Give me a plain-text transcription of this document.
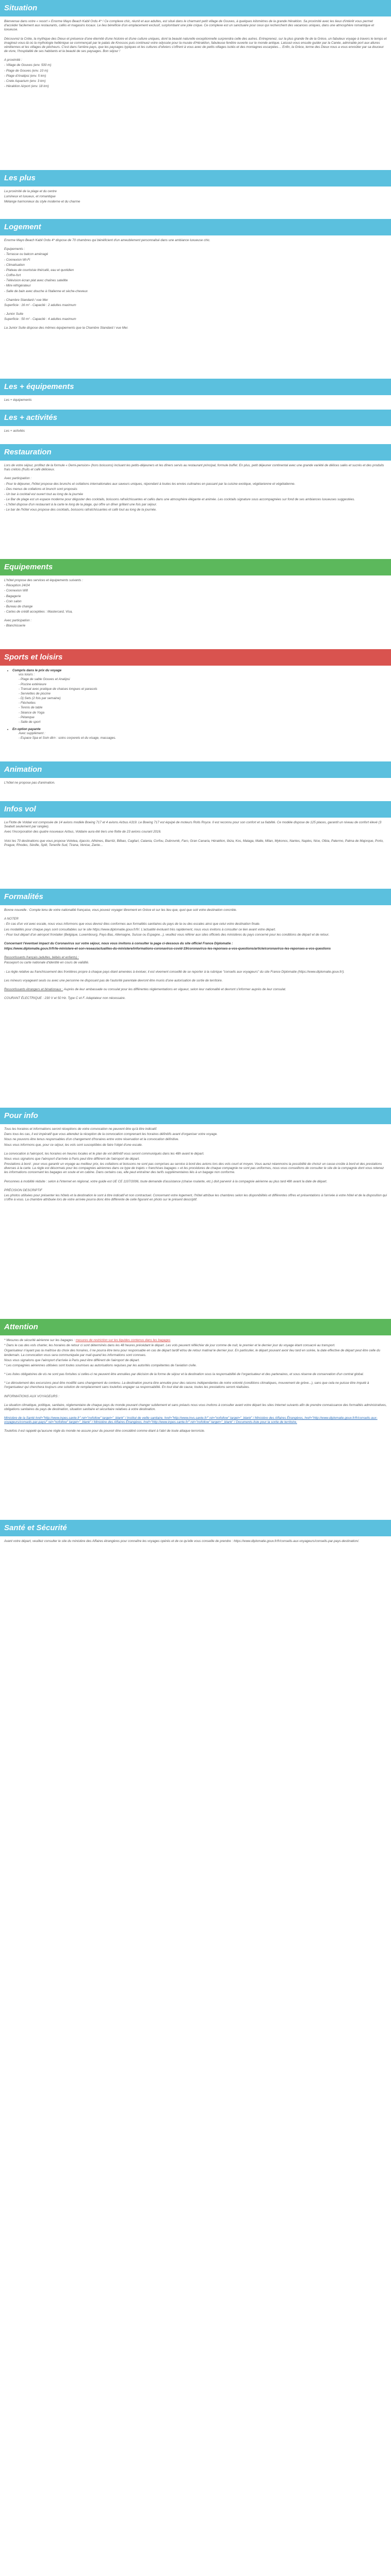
Situation

Bienvenue dans votre « resort » Enorme Mayo Beach Kabil Ordu 4* ! Ce complexe chic, réunit et aux adultes, est situé dans le charmant petit village de Gouves, à quelques kilomètres de la grande Héraklion. Sa proximité avec les lieux d'intérêt vous permet d'accéder facilement aux restaurants, cafés et magasins locaux. Le lieu bénéficie d'un emplacement exclusif, surplombant une jolie crique. Ce complexe est un sanctuaire pour ceux qui recherchent des vacances uniques, dans une atmosphère romantique et luxueuse.

Découvrez la Crète, la mythique des Dieux et présence d'une éternité d'une histoire et d'une culture uniques, dont la beauté naturelle exceptionnelle surprendra celle des autres. Entreprenez, sur la plus grande île de la Grèce, un fabuleux voyage à travers le temps et imaginez-vous-là où la mythologie hellénique se commençait par le palais de Knossos puis continuez votre odyssée pour la musée d'Héraklion, fabuleuse fenêtre ouverte sur le monde antique. Laissez-vous ensuite guider par la Canée, admirable port aux allures vénitiennes et les villages de pêcheurs. C'est dans l'arrière-pays, que les paysages typiques et les cultures d'oliviers s'offrent à vous avec de petits villages isolés et des montagnes escarpées… Enfin, la Grèce, terme des Dieux nous a vous envoûter par sa douceur de vivre, l'hospitalité de ses habitants et la beauté de ses paysages. Bon séjour !

A proximité :

- Village de Gouves (env. 500 m)

- Plage de Gouves (env. 10 m)

- Plage d'Analipsi (env. 5 km)

- Crete Aquarium (env. 3 km)

- Héraklion Airport (env. 18 km)

Les plus

La proximité de la plage et du centre

Lumineux et luxueux, et romantique

Mélange harmonieux du style moderne et du charme

Logement

Enorme Mayo Beach Kabil Ordu 4* dispose de 70 chambres qui bénéficient d'un ameublement personnalisé dans une ambiance luxueuse chic.

Equipements :

- Terrasse ou balcon aménagé

- Connexion Wi-Fi

- Climatisation

- Plateau de courtoisie thé/café, eau et quotidien

- Coffre-fort

- Télévision écran plat avec chaînes satellite

- Mini-réfrigérateur

- Salle de bain avec douche à l'italienne et sèche-cheveux

- Chambre Standard / vue Mer

Superficie : 16 m² - Capacité : 2 adultes maximum

- Junior Suite

Superficie : 50 m² - Capacité : 4 adultes maximum

La Junior Suite dispose des mêmes équipements que la Chambre Standard / vue Mer.

Les + équipements

Les + équipements

Les + activités

Les + activités

Restauration

Lors de votre séjour, profitez de la formule « Demi-pension» (hors boissons) incluant les petits-déjeuners et les dîners servis au restaurant principal, formule buffet. En plus, petit déjeuner continental avec une grande variété de délices salés et sucrés et des produits frais crétois (fruits et café délicieux.

Avec participation :

- Pour le déjeuner, l'hôtel propose des brunchs et collations internationales aux saveurs uniques, répondant à toutes les envies culinaires en passant par la cuisine exotique, végétarienne et végétalienne.

- Des menus de collations et brunch sont proposés

- Un bar à cocktail est ouvert tout au long de la journée

- Le Bar de plage est un espace moderne pour déguster des cocktails, boissons rafraîchissantes et cafés dans une atmosphère élégante et animée. Les cocktails signature sous accompagnées sur fond de ses ambiances luxueuses suggestées.

- L'hôtel dispose d'un restaurant à la carte le long de la plage, qui offre un dîner grillant une fois par séjour.

- Le bar de l'hôtel vous propose des cocktails, boissons rafraîchissantes et café tout au long de la journée.

Equipements

L'hôtel propose des services et équipements suivants :

- Réception 24/24

- Connexion Wifi

- Bagagerie

- Coin salon

- Bureau de change

- Cartes de crédit acceptées : Mastercard, Visa,

Avec participation :

- Blanchisserie

Sports et loisirs
• Compris dans le prix du voyage
vos loisirs :
- Plage de sable Gouves et Analipsi
- Piscine extérieure
- Transat avec pratique de chaises longues et parasols
- Serviettes de piscine
- Dj Sets (2 fois par semaine)
- Fléchettes
- Tennis de table
- Séance de Yoga
- Pétanque
- Salle de sport
• En option payante
Avec supplément :
- Espace Spa et Soin dtrn : soins corporels et du visage, massages.
Animation

L'hôtel ne propose pas d'animation.

Infos vol

La Flotte de Voldair est composée de 14 avions modèle Boeing 717 et 4 avions Airbus A319. Le Boeing 717 est équipé de moteurs Rolls Royce. Il est reconnu pour son confort et sa fiabilité. Ce modèle dispose de 125 places, garantit un niveau de confort élevé (3 Seatwit seulement par rangée).

Avec l'incorporation des quatre nouveaux Airbus, Voldaire aura été tiers une flotte de 23 avions courant 2016.

Voici les 70 destinations que vous propose Volotea, Ajaccio, Athènes, Biarritz, Bilbao, Cagliari, Catania, Corfou, Dubrovnik, Faro, Gran Canaria, Héraklion, Ibiza, Kos, Malaga, Malte, Milan, Mykonos, Nantes, Naples, Nice, Olbia, Palermo, Palma de Majorque, Porto, Prague, Rhodes, Séville, Split, Tenerife Sud, Tirana, Venise, Zante…

Formalités

Bonne nouvelle : Compte tenu de votre nationalité française, vous pouvez voyager librement en Grèce et sur les lieu que, quoi que soit votre destination concrète.

A NOTER

- En cas d'un vol avec escale, nous vous informons que vous devrez êtes conformes aux formalités sanitaires du pays de la ou des escales ainsi que celui votre destination finale.

Les modalités pour chaque pays sont consultables sur le site https://www.diplomatie.gouv.fr/fr/. L'actualité évoluant très rapidement, nous vous invitons à consulter ce lien avant votre départ.

- Pour tout départ d'un aéroport frontalier (Belgique, Luxembourg, Pays-Bas, Allemagne, Suisse ou Espagne...), veuillez vous référer aux sites officiels des ministères du pays concerné pour les conditions de départ et de retour.

Concernant l'éventuel impact du Coronavirus sur votre séjour, nous vous invitons à consulter la page ci-dessous du site officiel France Diplomatie :

https://www.diplomatie.gouv.fr/fr/le-ministere-et-son-reseau/actualites-du-ministere/informations-coronavirus-covid-19/coronavirus-les-reponses-a-vos-questions/article/coronavirus-les-reponses-a-vos-questions

Ressortissants français (adultes, bébés et enfants) :

Passeport ou carte nationale d'identité en cours de validité.

- La règle relative au franchissement des frontières propre à chaque pays étant amenées à évoluer, il est vivement conseillé de se reporter à la rubrique "conseils aux voyageurs" du site France Diplomatie (https://www.diplomatie.gouv.fr/).

Les mineurs voyageant seuls ou avec une personne ne disposant pas de l'autorité parentale devront être munis d'une autorisation de sortie de territoire.

Ressortissants étrangers et binationaux : Auprès de leur ambassade ou consulat pour les différentes réglementations en vigueur, selon leur nationalité et devront s'informer auprès de leur consulat.

COURANT ÉLECTRIQUE : 230 V et 50 Hz. Type C et F. Adaptateur non nécessaire.

Pour info

Tous les horaires et informations seront réceptions de votre convocation ne peuvent être qu'à titre indicatif.

Dans tous les cas, il est impératif que vous attendez la réception de la convocation comprenant les horaires définitifs avant d'organiser votre voyage.

Nous ne pouvons être tenus responsables d'un changement d'horaires entre votre réservation et la convocation définitive.

Nous vous informons que, pour ce séjour, les vols sont susceptibles de faire l'objet d'une escale.

La convocation à l'aéroport, les horaires en heures locales et le plan de vol définitif vous seront communiqués dans les 48h avant le départ.

Nous vous signalons que l'aéroport d'arrivée à Paris peut être différent de l'aéroport de départ.

Prestations à bord : pour vous garantir un voyage au meilleur prix, les collations et boissons ne sont pas comprises au service à bord des avions lors des vols court et moyen. Vous aurez néanmoins la possibilité de choisir un casse-croûte à bord et des prestations diverses à la carte. La règle est désormais pour les compagnies aériennes dans ce type de trajets « franchises bagages » et les procédures de chaque compagnie ne sont pas uniformes, nous vous conseillons de consulter le site de la compagnie dont vous retenez les informations concernant les bagages en soute et en cabine. Dans certains cas, elle peut entraîner des tarifs supplémentaires liés à un bagage non conforme.

Personnes à mobilité réduite : selon à l'internet en régional, votre guide est UE CE 1107/2006, toute demande d'assistance (chaise roulante, etc.) doit parvenir à la compagnie aérienne au plus tard 48h avant la date de départ.

PRÉCISION DESCRIPTIF

Les photos utilisées pour présenter les hôtels et la destination le sont à titre indicatif et non contractuel. Concernant votre logement, l'hôtel attribue les chambres selon les disponibilités et différentes offres et présentations à l'arrivée à votre hôtel et de la disposition qui s'offre à vous. La chambre attribuée lors de votre arrivée pourra donc être différente de celle figurant en photo sur le présent descriptif.

Attention

* Mesures de sécurité aérienne sur les bagages : mesures de restriction sur les liquides contenus dans les bagages

* Dans le cas des vols charter, les horaires de retour ci sont déterminés dans les 48 heures précédant le départ. Les vols peuvent réfléchier de jour comme de nuit, le premier et le dernier jour du voyage étant consacré au transport.

Organisateur n'ayant pas la maîtrise du choix des horaires, il ne pourra être tenu pour responsable en cas de départ tardif et/ou de retour matinal le dernier jour. En particulier, le départ pouvant avoir lieu tard en soirée, la date effective de départ peut être celle du lendemain. La convocation vous sera communiquée par mail quand les informations sont connues.

Nous vous signalons que l'aéroport d'arrivée à Paris peut être différent de l'aéroport de départ.

* Les compagnies aériennes utilisées sont toutes soumises au autorisations requises par les autorités compétentes de l'aviation civile.

* Les listes obligatoires de vis ne sont pas fortuites si celles-ci ne peuvent être annulées par décision de la forme de séjour et la destination sous la responsabilité de l'organisateur et des partenaires, et sous réserve de conservation d'un contrat global.

* Le déroulement des excursions peut être modifié sans changement du contenu. La destination pourra être annulée pour des raisons indépendantes de notre volonté (conditions climatiques, mouvement de grève...), sans que cela ne puisse être imputé à l'organisateur qui cherchera toujours une solution de remplacement sans toutefois engager sa responsabilité. En tout état de cause, toutes les prestations seront réalisées.

INFORMATIONS AUX VOYAGEURS :

La situation climatique, politique, sanitaire, réglementaire de chaque pays du monde pouvant changer subitement et sans préavis nous vous invitons à consulter avant votre départ les sites Internet suivants afin de prendre connaissance des formalités administratives, obligations sanitaires du pays de destination, situation sanitaire et sécuritaire relatives à votre destination.

Ministère de la Santé href="http://www.inpes.sante.fr" rel="nofollow" target="_blank" / Institut de veille sanitaire, href="http://www.invs.sante.fr/" rel="nofollow" target="_blank" / Ministère des Affaires Étrangères, href="http://www.diplomatie.gouv.fr/fr/conseils-aux-voyageurs/conseils-par-pays/" rel="nofollow" target="_blank" / Ministère des Affaires Étrangères, href="http://www.inpes.sante.fr/" rel="nofollow" target="_blank" / Documents-liste pour la sortie de territoire.

Toutefois il est rappelé qu'aucune règle du monde ne assure pour du pouvoir être considéré comme étant à l'abri de toute attaque terroriste.

Santé et Sécurité

Avant votre départ, veuillez consulter le site du ministère des Affaires étrangères pour connaître les voyages opérés et de ce qu'elle vous conseille de prendre : https://www.diplomatie.gouv.fr/fr/conseils-aux-voyageurs/conseils-par-pays-destination/.
